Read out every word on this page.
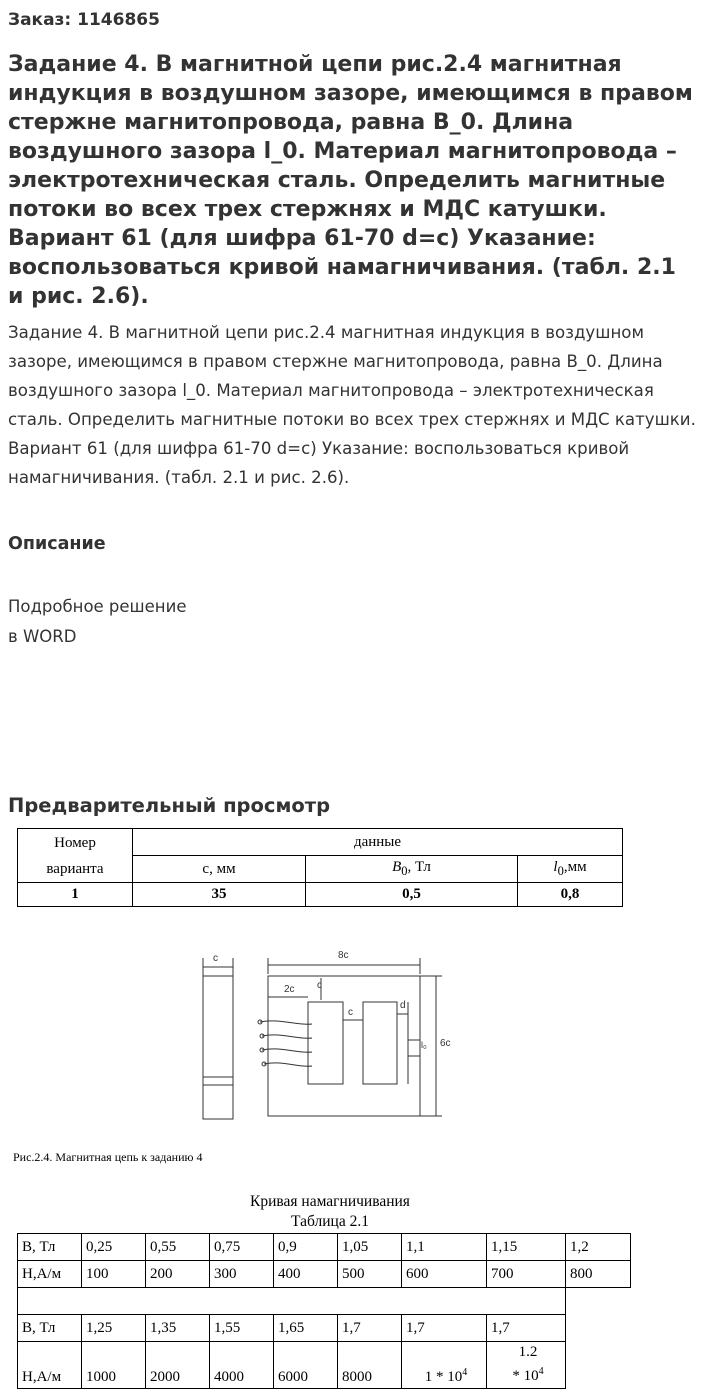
Заказ: 1146865
Задание 4. В магнитной цепи рис.2.4 магнитная индукция в воздушном зазоре, имеющимся в правом стержне магнитопровода, равна B_0. Длина воздушного зазора l_0. Материал магнитопровода – электротехническая сталь. Определить магнитные потоки во всех трех стержнях и МДС катушки. Вариант 61 (для шифра 61-70 d=c) Указание: воспользоваться кривой намагничивания. (табл. 2.1 и рис. 2.6).
Задание 4. В магнитной цепи рис.2.4 магнитная индукция в воздушном зазоре, имеющимся в правом стержне магнитопровода, равна B_0. Длина воздушного зазора l_0. Материал магнитопровода – электротехническая сталь. Определить магнитные потоки во всех трех стержнях и МДС катушки. Вариант 61 (для шифра 61-70 d=c) Указание: воспользоваться кривой намагничивания. (табл. 2.1 и рис. 2.6).
Описание
Подробное решение
в WORD
Предварительный просмотр
Номер
варианта	данные		
	с, мм	$B_0$, Тл	$l_0,мм$
1	35	0,5	0,8
c	8c
2c c
c
d
l₀ 6c
Рис.2.4. Магнитная цепь к заданию 4
Кривая намагничивания
Таблица 2.1
B, Тл	0,25	0,55	0,75	0,9	1,05	1,1	1,15	1,2
H,А/м	100	200	300	400	500	600	700	800

B, Тл	1,25	1,35	1,55	1,65	1,7	1,7	1,7	
H,А/м	1000	2000	4000	6000	8000	$1 * 10^4$	1.2
* $10^4$	
